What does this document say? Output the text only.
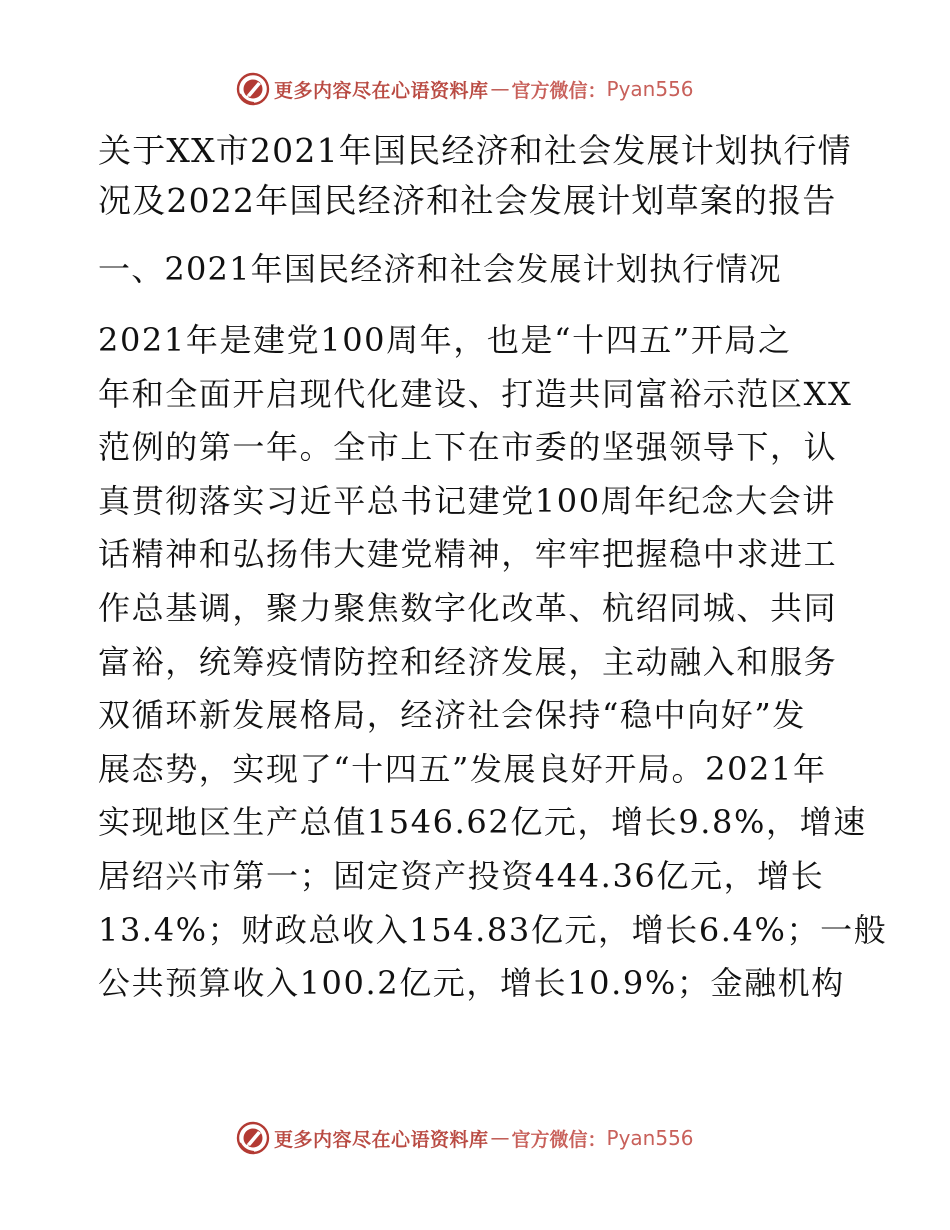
更多内容尽在心语资料库 — 官方微信： Pyan556
关于XX市2021年国民经济和社会发展计划执行情
况及2022年国民经济和社会发展计划草案的报告
一、2021年国民经济和社会发展计划执行情况
2021年是建党100周年，也是“十四五”开局之
年和全面开启现代化建设、打造共同富裕示范区XX
范例的第一年。全市上下在市委的坚强领导下，认
真贯彻落实习近平总书记建党100周年纪念大会讲
话精神和弘扬伟大建党精神，牢牢把握稳中求进工
作总基调，聚力聚焦数字化改革、杭绍同城、共同
富裕，统筹疫情防控和经济发展，主动融入和服务
双循环新发展格局，经济社会保持“稳中向好”发
展态势，实现了“十四五”发展良好开局。2021年
实现地区生产总值1546.62亿元，增长9.8%，增速
居绍兴市第一；固定资产投资444.36亿元，增长
13.4%；财政总收入154.83亿元，增长6.4%；一般
公共预算收入100.2亿元，增长10.9%；金融机构
更多内容尽在心语资料库 — 官方微信： Pyan556
